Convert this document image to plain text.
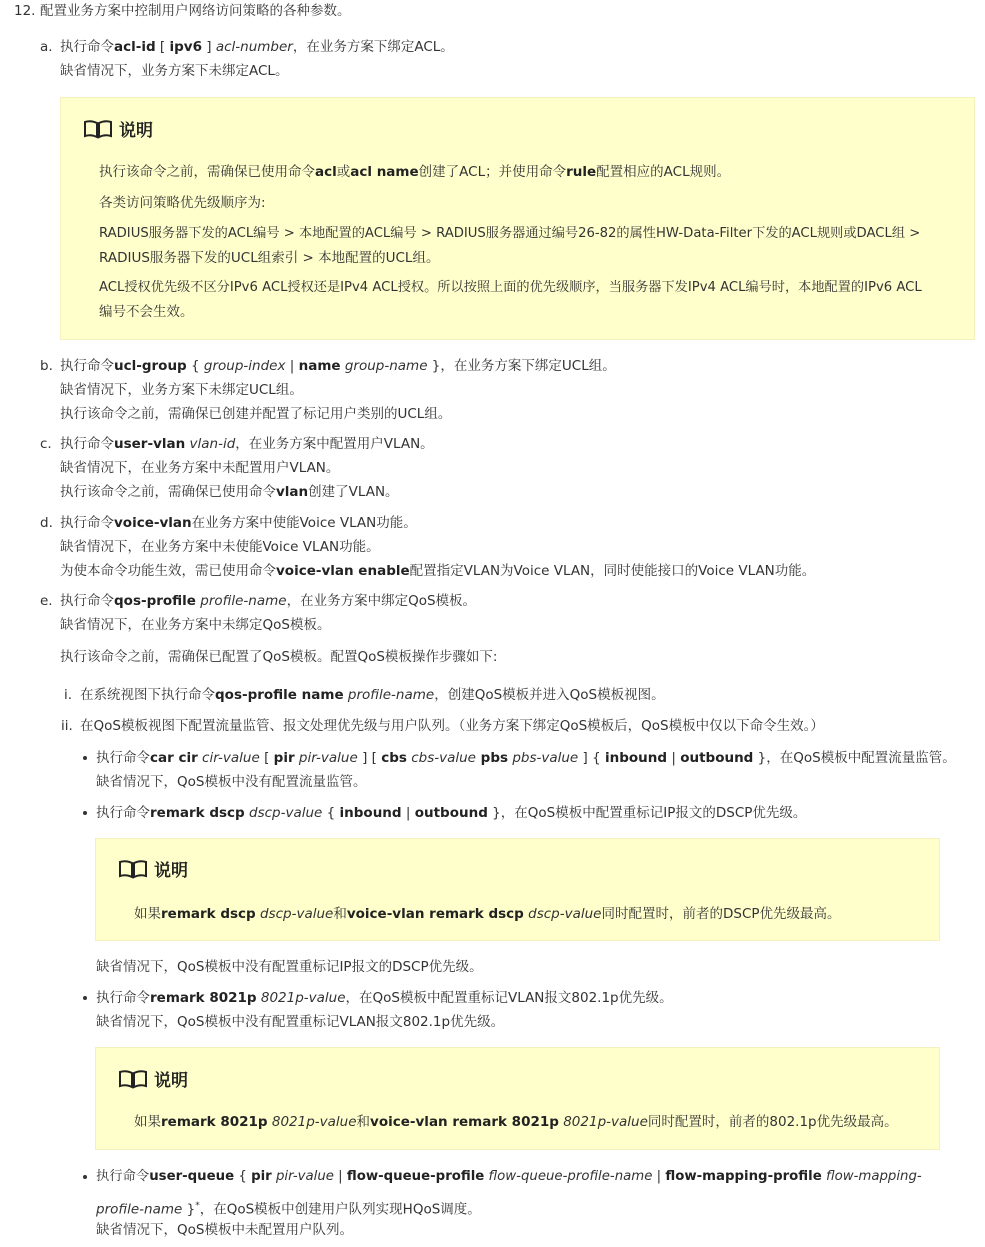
12. 配置业务方案中控制用户网络访问策略的各种参数。
a. 执行命令acl-id [ ipv6 ] acl-number，在业务方案下绑定ACL。
缺省情况下，业务方案下未绑定ACL。
说明
执行该命令之前，需确保已使用命令acl或acl name创建了ACL；并使用命令rule配置相应的ACL规则。
各类访问策略优先级顺序为:
RADIUS服务器下发的ACL编号 > 本地配置的ACL编号 > RADIUS服务器通过编号26-82的属性HW-Data-Filter下发的ACL规则或DACL组 >
RADIUS服务器下发的UCL组索引 > 本地配置的UCL组。
ACL授权优先级不区分IPv6 ACL授权还是IPv4 ACL授权。所以按照上面的优先级顺序，当服务器下发IPv4 ACL编号时，本地配置的IPv6 ACL
编号不会生效。
b. 执行命令ucl-group { group-index | name group-name }，在业务方案下绑定UCL组。
缺省情况下，业务方案下未绑定UCL组。
执行该命令之前，需确保已创建并配置了标记用户类别的UCL组。
c. 执行命令user-vlan vlan-id，在业务方案中配置用户VLAN。
缺省情况下，在业务方案中未配置用户VLAN。
执行该命令之前，需确保已使用命令vlan创建了VLAN。
d. 执行命令voice-vlan在业务方案中使能Voice VLAN功能。
缺省情况下，在业务方案中未使能Voice VLAN功能。
为使本命令功能生效，需已使用命令voice-vlan enable配置指定VLAN为Voice VLAN，同时使能接口的Voice VLAN功能。
e. 执行命令qos-profile profile-name，在业务方案中绑定QoS模板。
缺省情况下，在业务方案中未绑定QoS模板。
执行该命令之前，需确保已配置了QoS模板。配置QoS模板操作步骤如下:
i. 在系统视图下执行命令qos-profile name profile-name，创建QoS模板并进入QoS模板视图。
ii. 在QoS模板视图下配置流量监管、报文处理优先级与用户队列。（业务方案下绑定QoS模板后，QoS模板中仅以下命令生效。）
执行命令car cir cir-value [ pir pir-value ] [ cbs cbs-value pbs pbs-value ] { inbound | outbound }，在QoS模板中配置流量监管。
缺省情况下，QoS模板中没有配置流量监管。
执行命令remark dscp dscp-value { inbound | outbound }，在QoS模板中配置重标记IP报文的DSCP优先级。
说明
如果remark dscp dscp-value和voice-vlan remark dscp dscp-value同时配置时，前者的DSCP优先级最高。
缺省情况下，QoS模板中没有配置重标记IP报文的DSCP优先级。
执行命令remark 8021p 8021p-value，在QoS模板中配置重标记VLAN报文802.1p优先级。
缺省情况下，QoS模板中没有配置重标记VLAN报文802.1p优先级。
说明
如果remark 8021p 8021p-value和voice-vlan remark 8021p 8021p-value同时配置时，前者的802.1p优先级最高。
执行命令user-queue { pir pir-value | flow-queue-profile flow-queue-profile-name | flow-mapping-profile flow-mapping-
profile-name }*，在QoS模板中创建用户队列实现HQoS调度。
缺省情况下，QoS模板中未配置用户队列。
